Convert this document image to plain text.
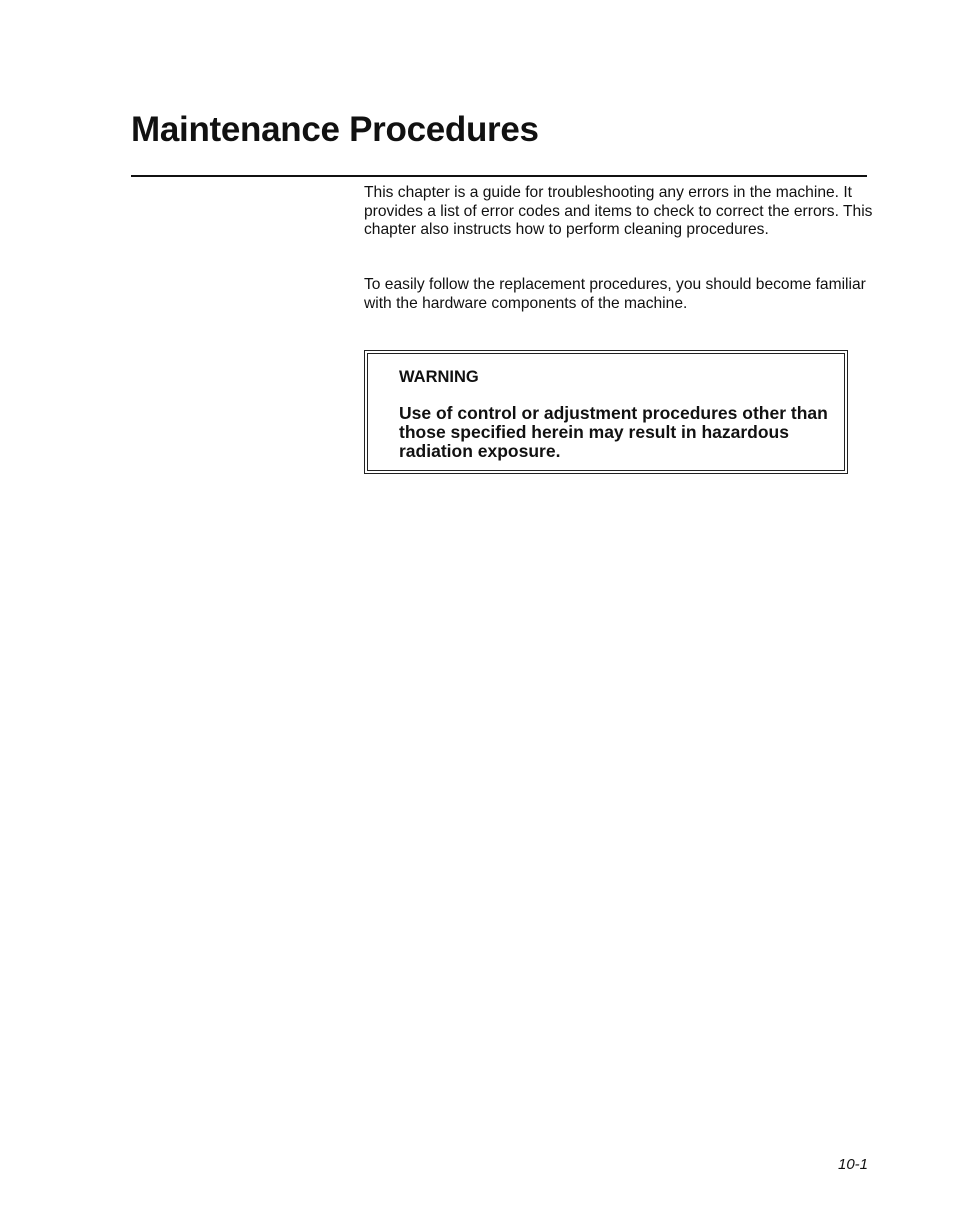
Maintenance Procedures

This chapter is a guide for troubleshooting any errors in the machine. It provides a list of error codes and items to check to correct the errors. This chapter also instructs how to perform cleaning procedures.

To easily follow the replacement procedures, you should become familiar with the hardware components of the machine.

WARNING

Use of control or adjustment procedures other than those specified herein may result in hazardous radiation exposure.

10-1
